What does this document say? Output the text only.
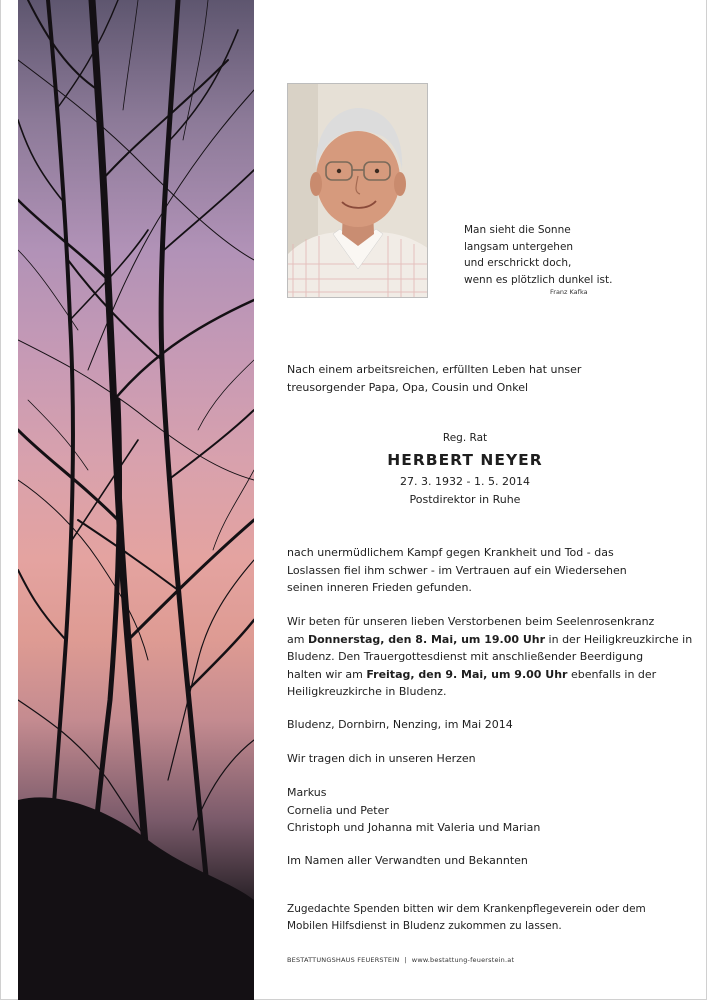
Man sieht die Sonne
langsam untergehen
und erschrickt doch,
wenn es plötzlich dunkel ist.
Franz Kafka
Nach einem arbeitsreichen, erfüllten Leben hat unser
treusorgender Papa, Opa, Cousin und Onkel
Reg. Rat
HERBERT NEYER
27. 3. 1932 - 1. 5. 2014
Postdirektor in Ruhe
nach unermüdlichem Kampf gegen Krankheit und Tod - das
Loslassen fiel ihm schwer - im Vertrauen auf ein Wiedersehen
seinen inneren Frieden gefunden.
Wir beten für unseren lieben Verstorbenen beim Seelenrosenkranz
am Donnerstag, den 8. Mai, um 19.00 Uhr in der Heiligkreuzkirche in
Bludenz. Den Trauergottesdienst mit anschließender Beerdigung
halten wir am Freitag, den 9. Mai, um 9.00 Uhr ebenfalls in der
Heiligkreuzkirche in Bludenz.
Bludenz, Dornbirn, Nenzing, im Mai 2014
Wir tragen dich in unseren Herzen
Markus
Cornelia und Peter
Christoph und Johanna mit Valeria und Marian
Im Namen aller Verwandten und Bekannten
Zugedachte Spenden bitten wir dem Krankenpflegeverein oder dem
Mobilen Hilfsdienst in Bludenz zukommen zu lassen.
BESTATTUNGSHAUS FEUERSTEIN | www.bestattung-feuerstein.at
